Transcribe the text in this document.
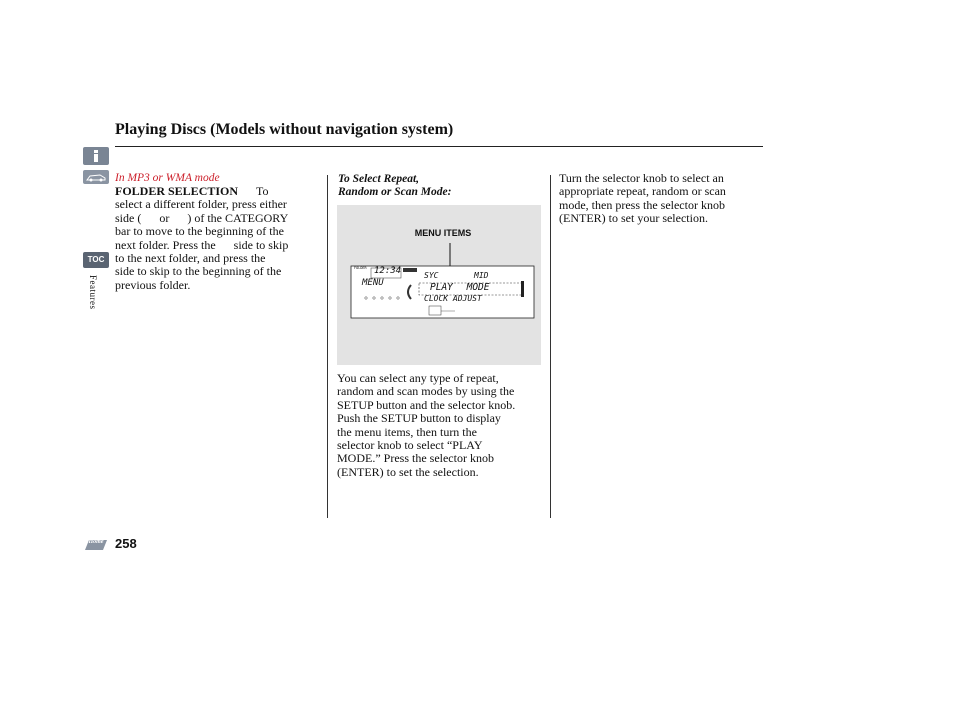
Playing Discs (Models without navigation system)
TOC
Features
In MP3 or WMA mode
FOLDER SELECTION To
select a different folder, press either
side (      or      ) of the CATEGORY
bar to move to the beginning of the
next folder. Press the      side to skip
to the next folder, and press the
side to skip to the beginning of the
previous folder.
To Select Repeat,
Random or Scan Mode:
MENU ITEMS
FOLDER 12:34
MENU
SYC	MID
PLAY MODE
CLOCK ADJUST
You can select any type of repeat,
random and scan modes by using the
SETUP button and the selector knob.
Push the SETUP button to display
the menu items, then turn the
selector knob to select “PLAY
MODE.” Press the selector knob
(ENTER) to set the selection.
Turn the selector knob to select an
appropriate repeat, random or scan
mode, then press the selector knob
(ENTER) to set your selection.
Home 258
